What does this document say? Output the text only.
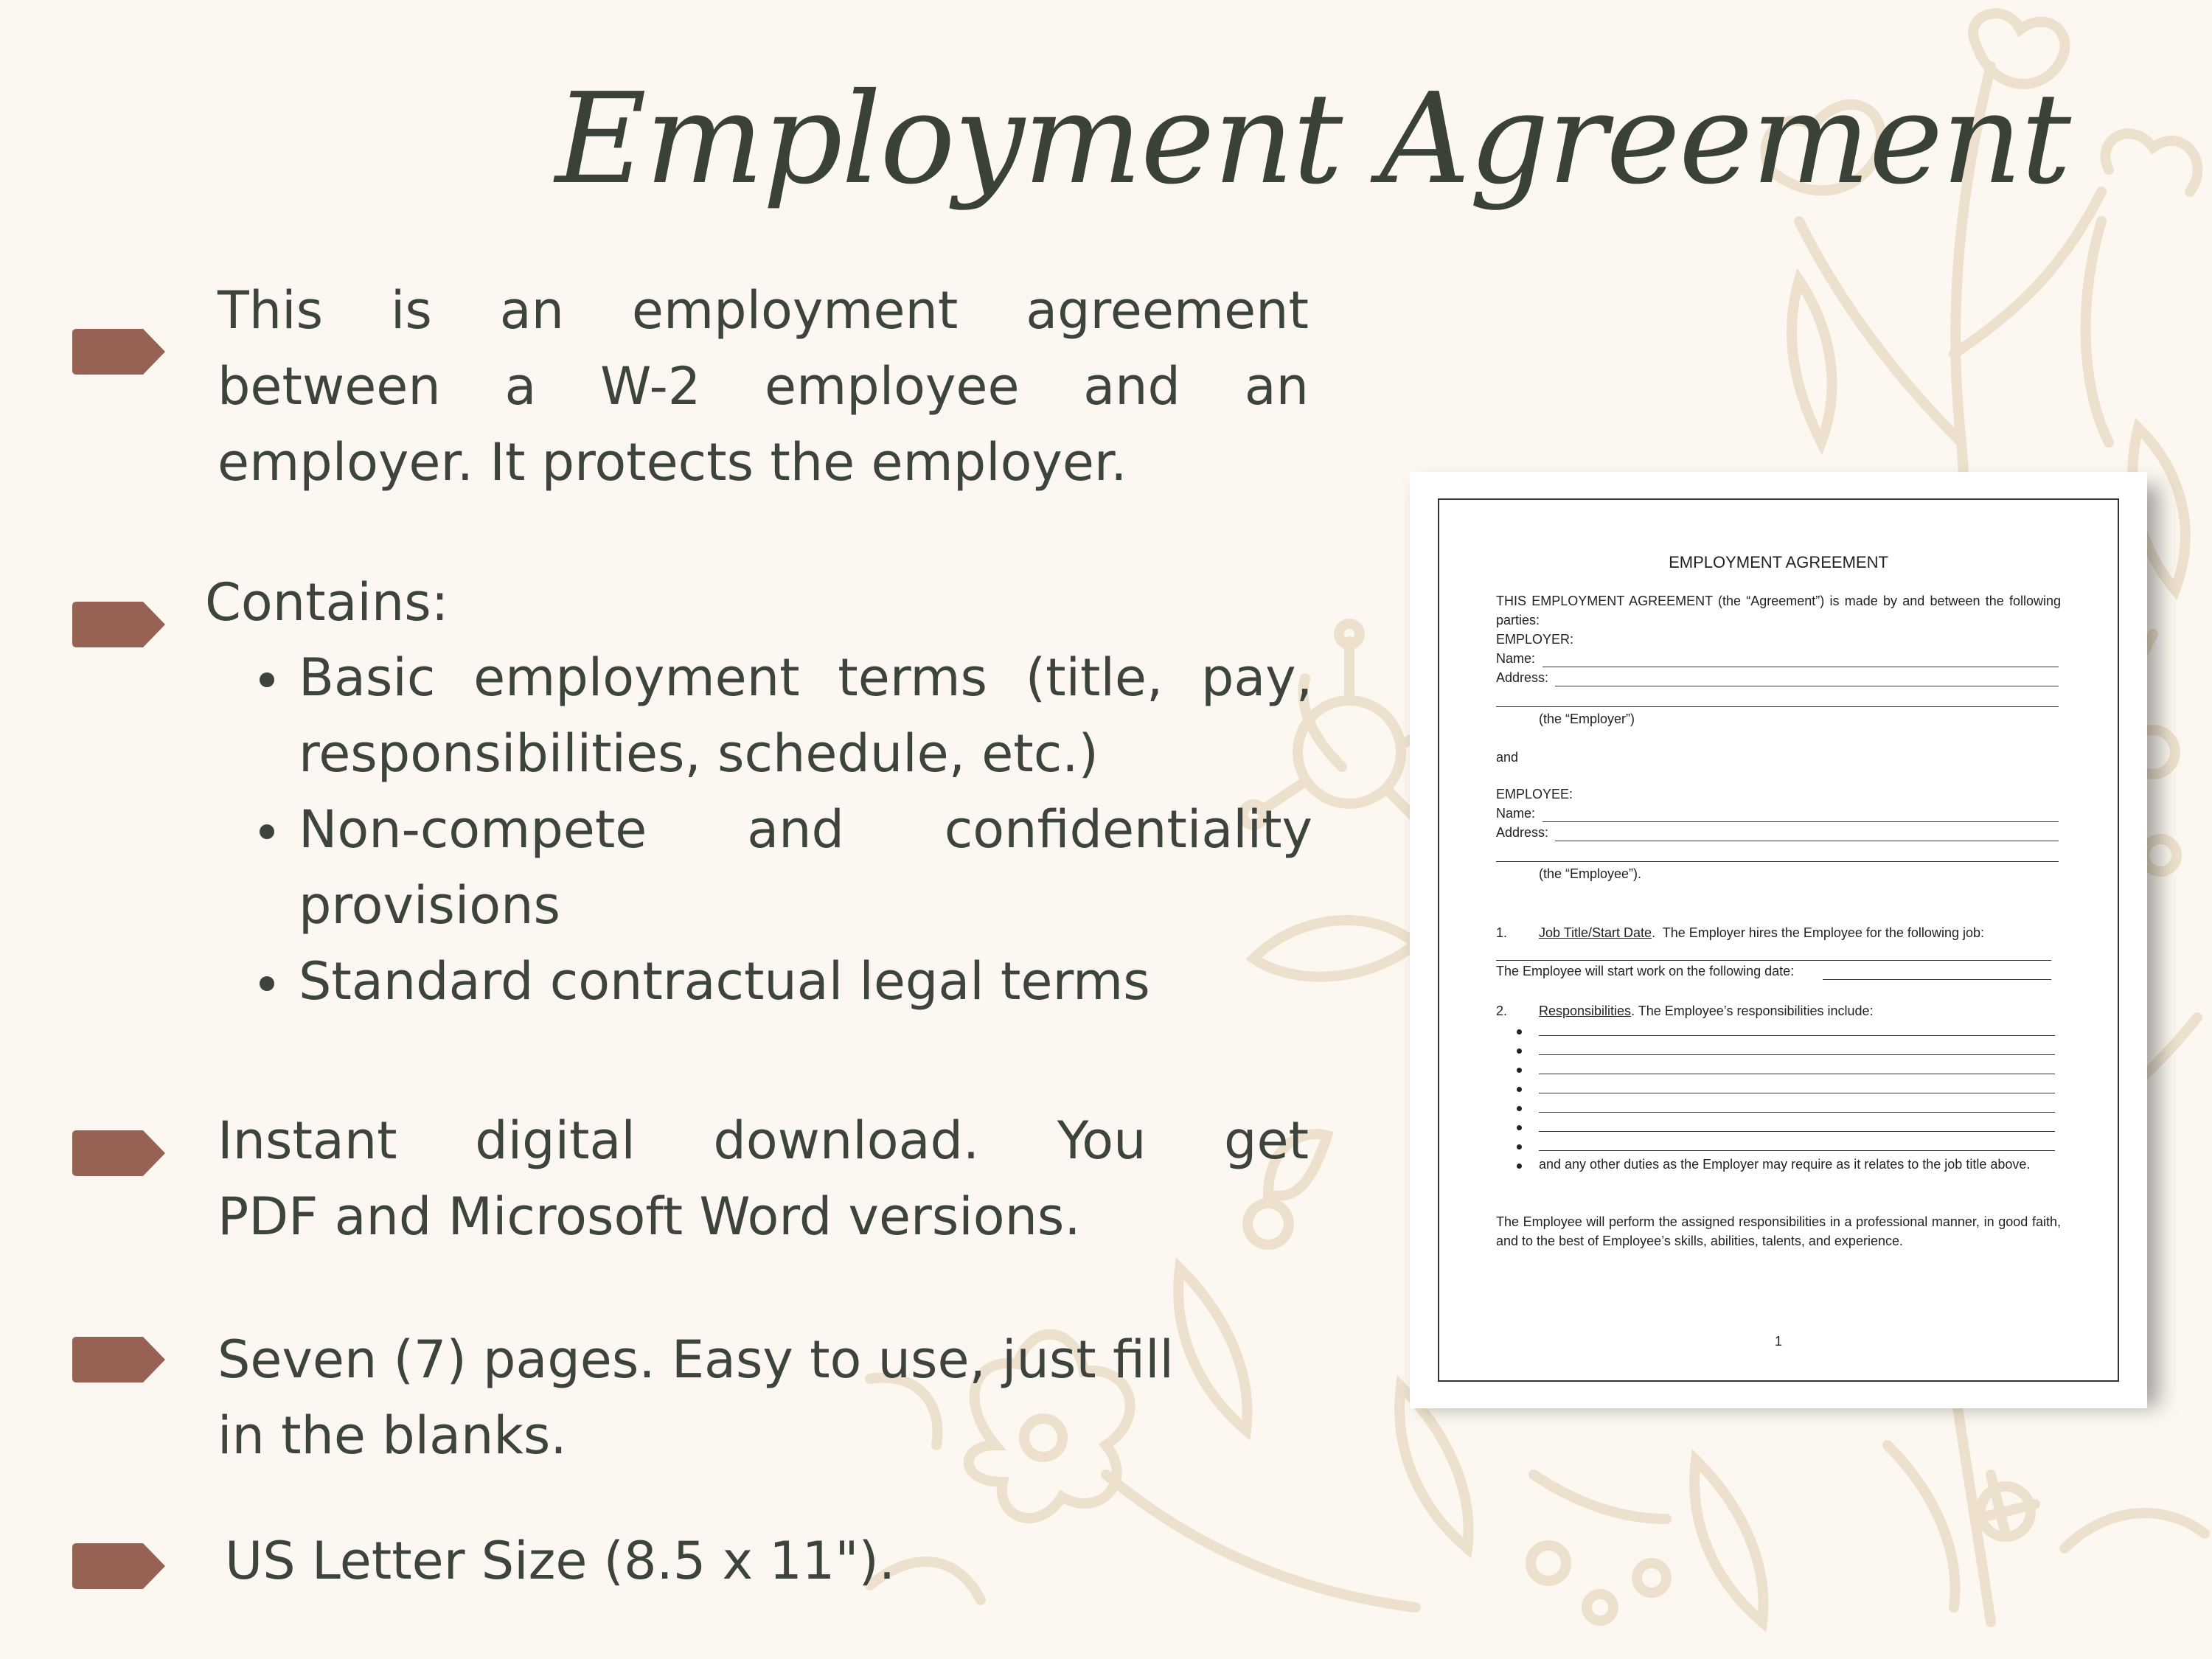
Employment Agreement
This is an employment agreement
between a W-2 employee and an
employer. It protects the employer.
Contains:
Basic employment terms (title, pay,
responsibilities, schedule, etc.)
Non-compete and confidentiality
provisions
Standard contractual legal terms
Instant digital download. You get
PDF and Microsoft Word versions.
Seven (7) pages. Easy to use, just fill
in the blanks.
US Letter Size (8.5 x 11").
EMPLOYMENT AGREEMENT
THIS EMPLOYMENT AGREEMENT (the “Agreement”) is made by and between the following parties:
EMPLOYER:
Name:
Address:
(the “Employer”)
and
EMPLOYEE:
Name:
Address:
(the “Employee”).
1.	Job Title/Start Date.  The Employer hires the Employee for the following job:
The Employee will start work on the following date:
2.	Responsibilities. The Employee’s responsibilities include:
and any other duties as the Employer may require as it relates to the job title above.
The Employee will perform the assigned responsibilities in a professional manner, in good faith, and to the best of Employee’s skills, abilities, talents, and experience.
1
